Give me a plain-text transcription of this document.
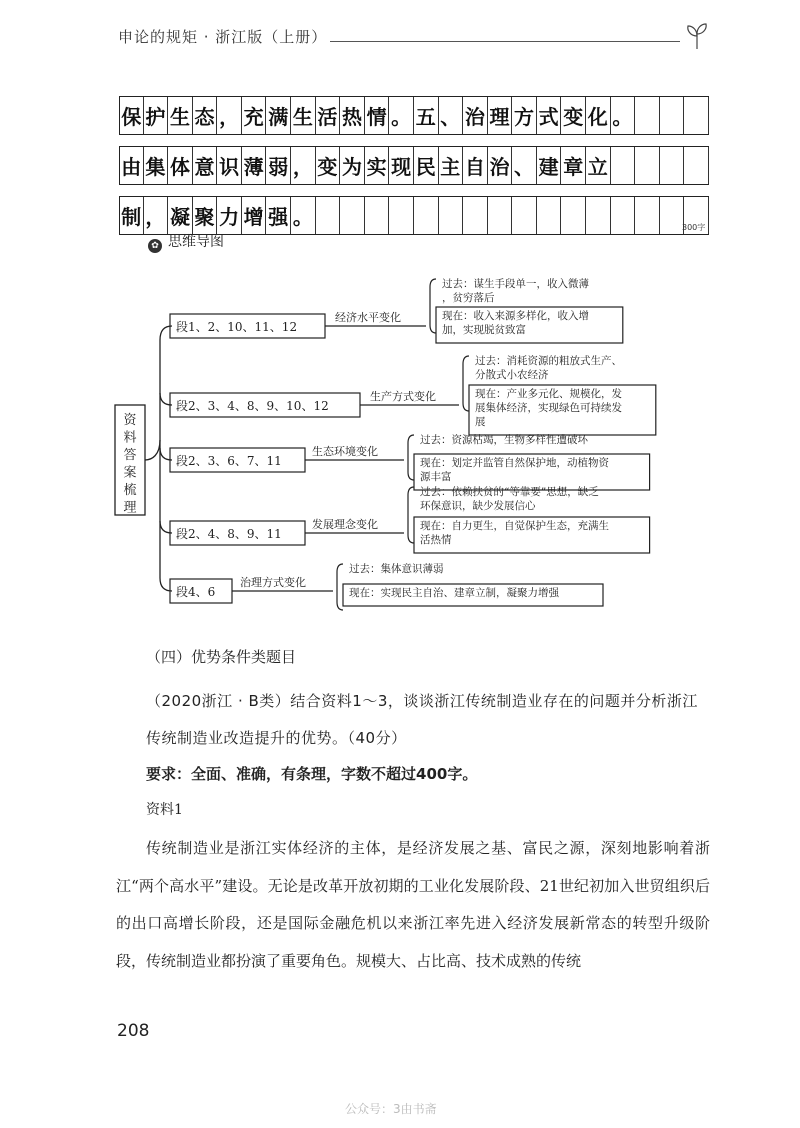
申论的规矩 · 浙江版（上册）
保 护 生 态 ， 充 满 生 活 热 情 。 五 、 治 理 方 式 变 化 。
由 集 体 意 识 薄 弱 ， 变 为 实 现 民 主 自 治 、 建 章 立
制 ， 凝 聚 力 增 强 。	300字
✿ 思维导图
资
料
答
案
梳
理
段1、2、10、11、12
经济水平变化
过去：谋生手段单一，收入微薄
，贫穷落后
现在：收入来源多样化，收入增
加，实现脱贫致富
段2、3、4、8、9、10、12
生产方式变化
过去：消耗资源的粗放式生产、
分散式小农经济
现在：产业多元化、规模化，发
展集体经济，实现绿色可持续发
展
段2、3、6、7、11
生态环境变化
过去：资源枯竭，生物多样性遭破坏
现在：划定并监管自然保护地，动植物资
源丰富
段2、4、8、9、11
发展理念变化
过去：依赖扶贫的“等靠要”思想，缺乏
环保意识，缺少发展信心
现在：自力更生，自觉保护生态，充满生
活热情
段4、6
治理方式变化
过去：集体意识薄弱
现在：实现民主自治、建章立制，凝聚力增强
（四）优势条件类题目
（2020浙江 · B类）结合资料1～3，谈谈浙江传统制造业存在的问题并分析浙江传统制造业改造提升的优势。（40分）
要求：全面、准确，有条理，字数不超过400字。
资料1
传统制造业是浙江实体经济的主体，是经济发展之基、富民之源，深刻地影响着浙江“两个高水平”建设。无论是改革开放初期的工业化发展阶段、21世纪初加入世贸组织后的出口高增长阶段，还是国际金融危机以来浙江率先进入经济发展新常态的转型升级阶段，传统制造业都扮演了重要角色。规模大、占比高、技术成熟的传统
208
公众号：3由书斋
